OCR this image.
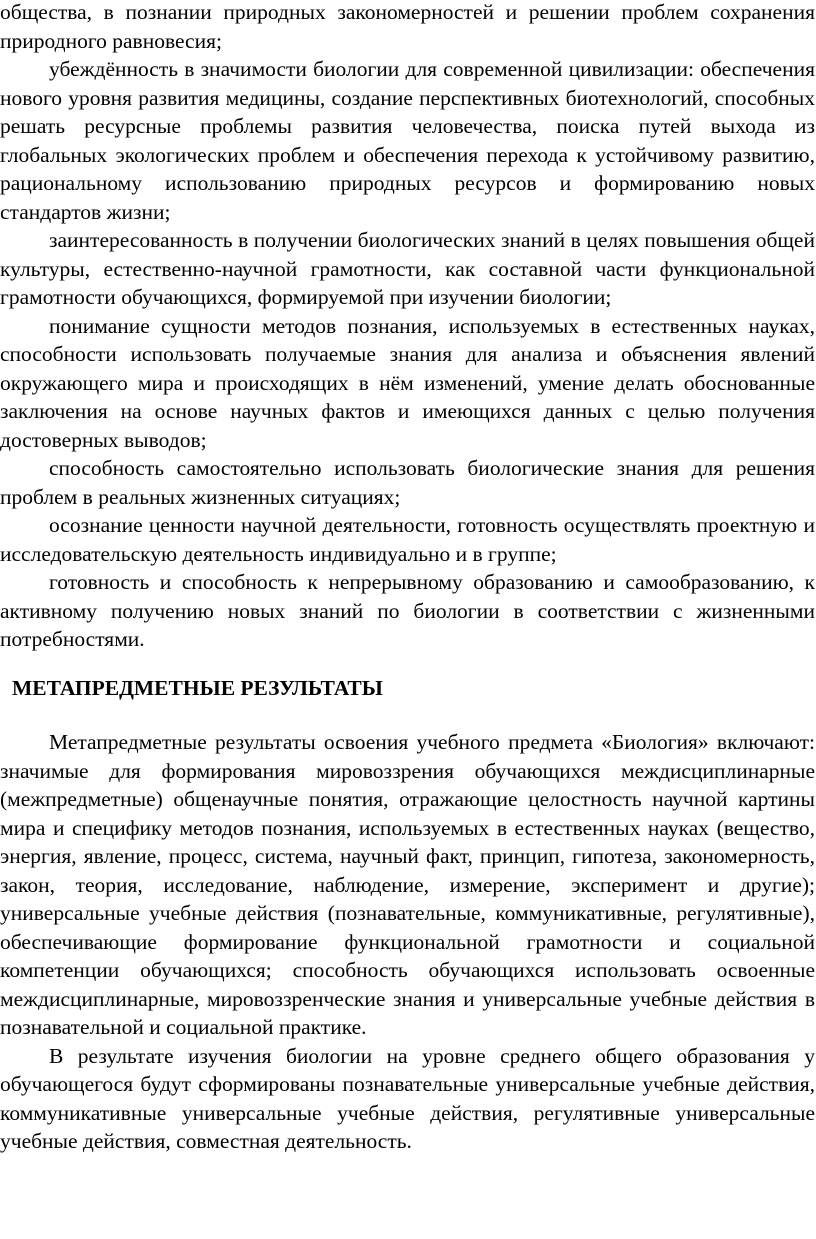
общества, в познании природных закономерностей и решении проблем сохранения природного равновесия;

убеждённость в значимости биологии для современной цивилизации: обеспечения нового уровня развития медицины, создание перспективных биотехнологий, способных решать ресурсные проблемы развития человечества, поиска путей выхода из глобальных экологических проблем и обеспечения перехода к устойчивому развитию, рациональному использованию природных ресурсов и формированию новых стандартов жизни;

заинтересованность в получении биологических знаний в целях повышения общей культуры, естественно-научной грамотности, как составной части функциональной грамотности обучающихся, формируемой при изучении биологии;

понимание сущности методов познания, используемых в естественных науках, способности использовать получаемые знания для анализа и объяснения явлений окружающего мира и происходящих в нём изменений, умение делать обоснованные заключения на основе научных фактов и имеющихся данных с целью получения достоверных выводов;

способность самостоятельно использовать биологические знания для решения проблем в реальных жизненных ситуациях;

осознание ценности научной деятельности, готовность осуществлять проектную и исследовательскую деятельность индивидуально и в группе;

готовность и способность к непрерывному образованию и самообразованию, к активному получению новых знаний по биологии в соответствии с жизненными потребностями.

МЕТАПРЕДМЕТНЫЕ РЕЗУЛЬТАТЫ

Метапредметные результаты освоения учебного предмета «Биология» включают: значимые для формирования мировоззрения обучающихся междисциплинарные (межпредметные) общенаучные понятия, отражающие целостность научной картины мира и специфику методов познания, используемых в естественных науках (вещество, энергия, явление, процесс, система, научный факт, принцип, гипотеза, закономерность, закон, теория, исследование, наблюдение, измерение, эксперимент и другие); универсальные учебные действия (познавательные, коммуникативные, регулятивные), обеспечивающие формирование функциональной грамотности и социальной компетенции обучающихся; способность обучающихся использовать освоенные междисциплинарные, мировоззренческие знания и универсальные учебные действия в познавательной и социальной практике.

В результате изучения биологии на уровне среднего общего образования у обучающегося будут сформированы познавательные универсальные учебные действия, коммуникативные универсальные учебные действия, регулятивные универсальные учебные действия, совместная деятельность.
